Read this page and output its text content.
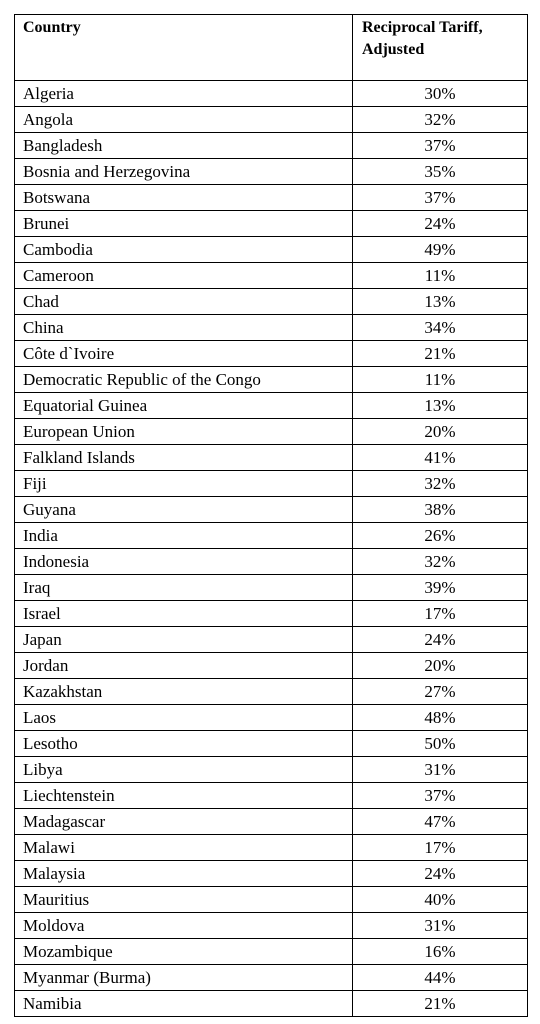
Country	Reciprocal Tariff, Adjusted
Algeria	30%
Angola	32%
Bangladesh	37%
Bosnia and Herzegovina	35%
Botswana	37%
Brunei	24%
Cambodia	49%
Cameroon	11%
Chad	13%
China	34%
Côte d`Ivoire	21%
Democratic Republic of the Congo	11%
Equatorial Guinea	13%
European Union	20%
Falkland Islands	41%
Fiji	32%
Guyana	38%
India	26%
Indonesia	32%
Iraq	39%
Israel	17%
Japan	24%
Jordan	20%
Kazakhstan	27%
Laos	48%
Lesotho	50%
Libya	31%
Liechtenstein	37%
Madagascar	47%
Malawi	17%
Malaysia	24%
Mauritius	40%
Moldova	31%
Mozambique	16%
Myanmar (Burma)	44%
Namibia	21%
